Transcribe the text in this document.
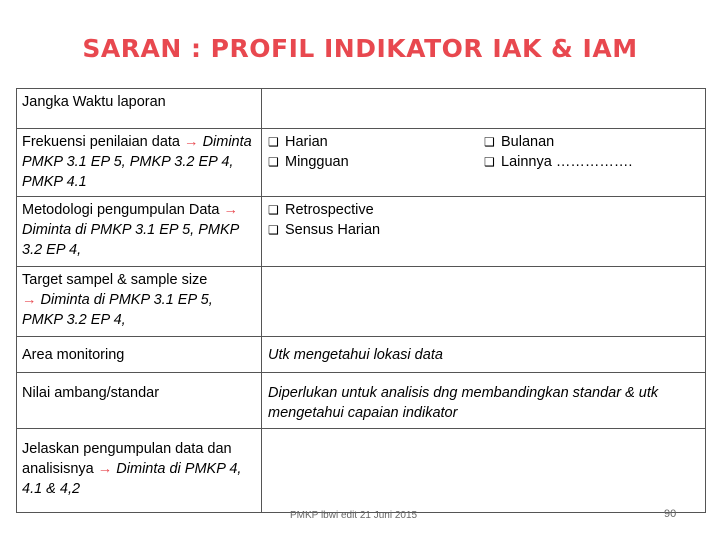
SARAN : PROFIL INDIKATOR IAK & IAM
Jangka Waktu laporan	
Frekuensi penilaian data → Diminta PMKP 3.1 EP 5, PMKP 3.2 EP 4, PMKP 4.1	❑ Harian
❑ Mingguan
❑ Bulanan
❑ Lainnya …………….

Metodologi pengumpulan Data → Diminta di PMKP 3.1 EP 5, PMKP 3.2 EP 4,	❑ Retrospective
❑ Sensus Harian

Target sampel & sample size
→ Diminta di PMKP 3.1 EP 5, PMKP 3.2 EP 4,	
Area monitoring	Utk mengetahui lokasi data
Nilai ambang/standar	Diperlukan untuk analisis dng membandingkan standar & utk mengetahui capaian indikator
Jelaskan pengumpulan data dan analisisnya → Diminta di PMKP 4, 4.1 & 4,2	
PMKP lbwi edit 21 Juni 2015	90
